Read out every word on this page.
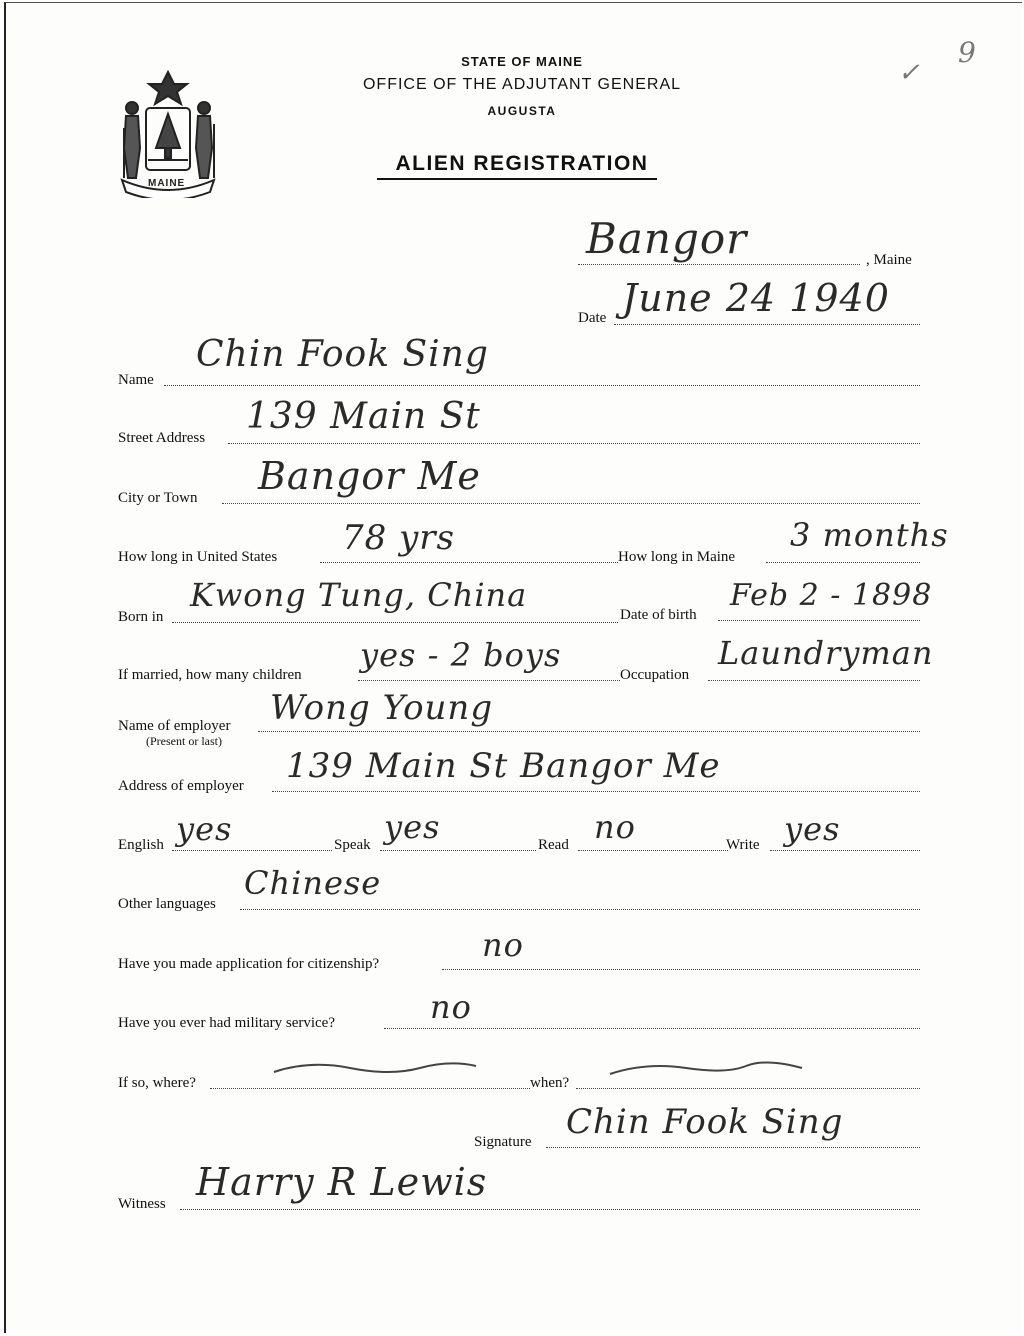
MAINE
STATE OF MAINE
OFFICE OF THE ADJUTANT GENERAL
AUGUSTA
ALIEN REGISTRATION
9
✓
Bangor	, Maine
Date June 24 1940
Name
Chin Fook Sing
Street Address
139 Main St
City or Town Bangor Me
How long in United States 78 yrs	How long in Maine
3 months
Born in
Kwong Tung, China
Date of birth
Feb 2 - 1898
If married, how many children
yes - 2 boys
Occupation
Laundryman
Name of employer
(Present or last)
Wong Young
Address of employer 139 Main St Bangor Me
English yes	Speak yes	Read no	Write yes
Other languages
Chinese
Have you made application for citizenship?	no
Have you ever had military service?	no
If so, where?	when?
Signature Chin Fook Sing
Witness Harry R Lewis
